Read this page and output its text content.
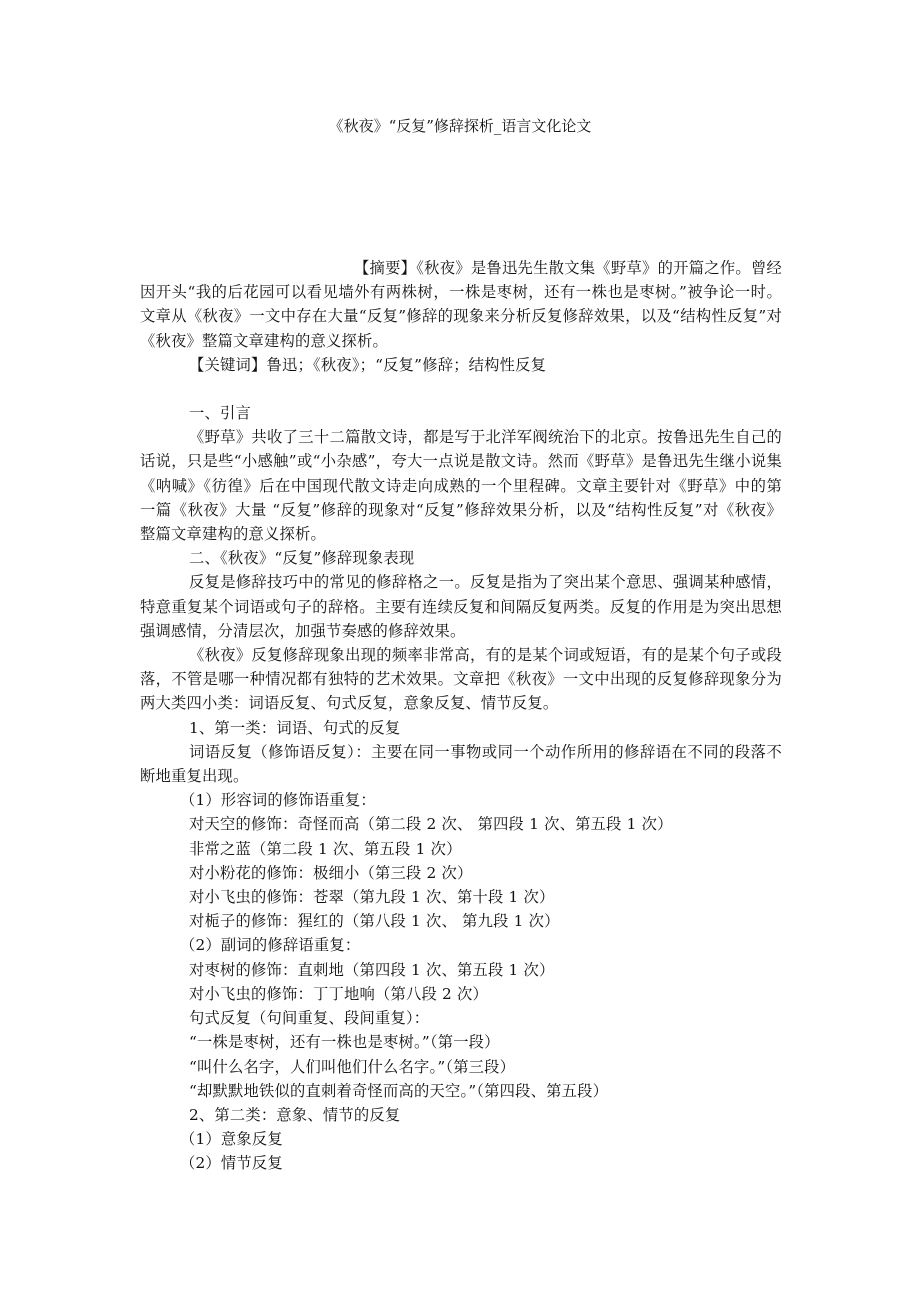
《秋夜》“反复”修辞探析_语言文化论文

【摘要】《秋夜》是鲁迅先生散文集《野草》的开篇之作。曾经因开头“我的后花园可以看见墙外有两株树，一株是枣树，还有一株也是枣树。”被争论一时。文章从《秋夜》一文中存在大量“反复”修辞的现象来分析反复修辞效果，以及“结构性反复”对《秋夜》整篇文章建构的意义探析。

【关键词】鲁迅；《秋夜》；“反复”修辞；结构性反复

一、引言

《野草》共收了三十二篇散文诗，都是写于北洋军阀统治下的北京。按鲁迅先生自己的话说，只是些“小感触”或“小杂感”，夸大一点说是散文诗。然而《野草》是鲁迅先生继小说集《呐喊》《彷徨》后在中国现代散文诗走向成熟的一个里程碑。文章主要针对《野草》中的第一篇《秋夜》大量 “反复”修辞的现象对“反复”修辞效果分析，以及“结构性反复”对《秋夜》整篇文章建构的意义探析。

二、《秋夜》“反复”修辞现象表现

反复是修辞技巧中的常见的修辞格之一。反复是指为了突出某个意思、强调某种感情，特意重复某个词语或句子的辞格。主要有连续反复和间隔反复两类。反复的作用是为突出思想强调感情，分清层次，加强节奏感的修辞效果。

《秋夜》反复修辞现象出现的频率非常高，有的是某个词或短语，有的是某个句子或段落，不管是哪一种情况都有独特的艺术效果。文章把《秋夜》一文中出现的反复修辞现象分为两大类四小类：词语反复、句式反复，意象反复、情节反复。

1、第一类：词语、句式的反复

词语反复（修饰语反复）：主要在同一事物或同一个动作所用的修辞语在不同的段落不断地重复出现。

（1）形容词的修饰语重复：

对天空的修饰：奇怪而高（第二段 2 次、 第四段 1 次、第五段 1 次）

非常之蓝（第二段 1 次、第五段 1 次）

对小粉花的修饰：极细小（第三段 2 次）

对小飞虫的修饰：苍翠（第九段 1 次、第十段 1 次）

对栀子的修饰：猩红的（第八段 1 次、 第九段 1 次）

（2）副词的修辞语重复：

对枣树的修饰：直刺地（第四段 1 次、第五段 1 次）

对小飞虫的修饰：丁丁地响（第八段 2 次）

句式反复（句间重复、段间重复）：

“一株是枣树，还有一株也是枣树。”（第一段）

“叫什么名字，人们叫他们什么名字。”（第三段）

“却默默地铁似的直刺着奇怪而高的天空。”（第四段、第五段）

2、第二类：意象、情节的反复

（1）意象反复

（2）情节反复
